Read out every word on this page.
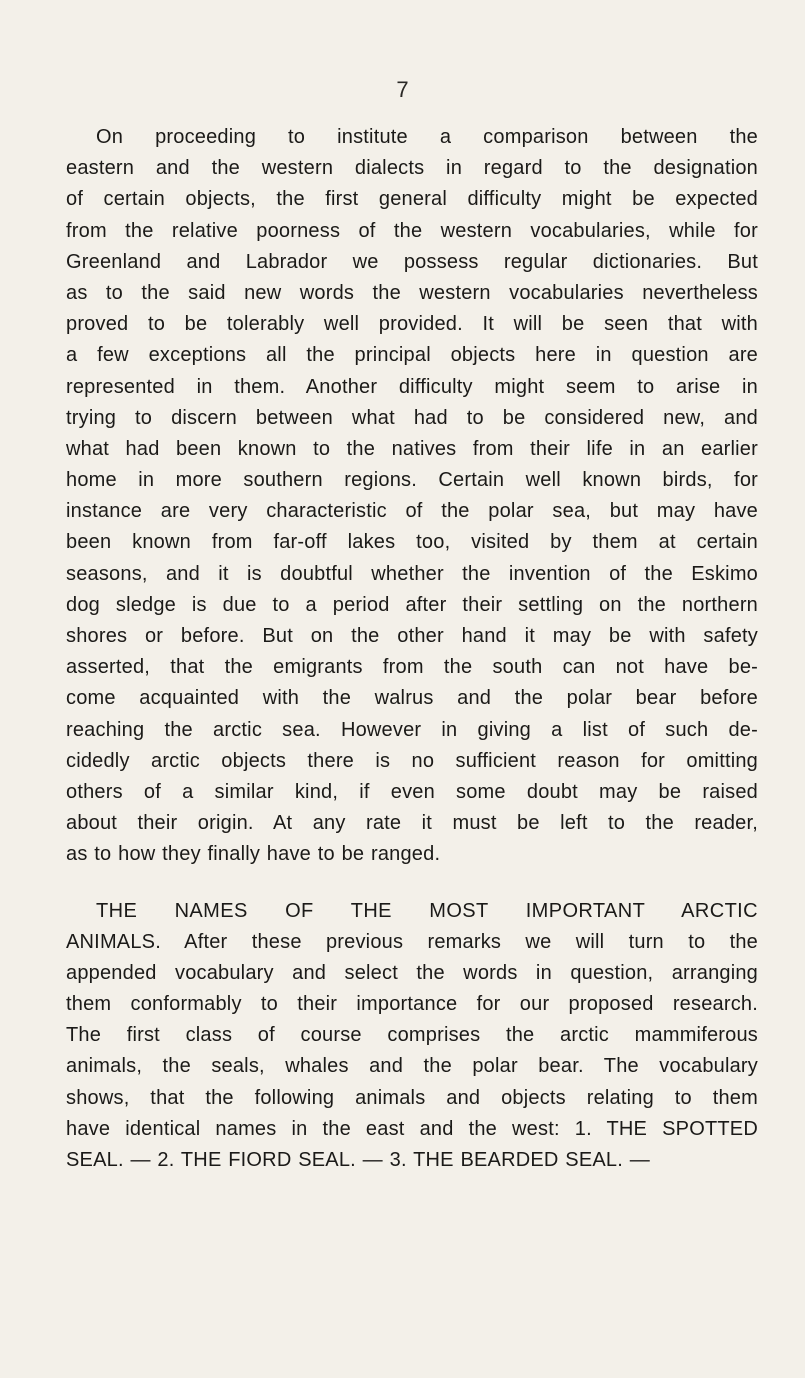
7
On proceeding to institute a comparison between the
eastern and the western dialects in regard to the designation
of certain objects, the first general difficulty might be expected
from the relative poorness of the western vocabularies, while for
Greenland and Labrador we possess regular dictionaries. But
as to the said new words the western vocabularies nevertheless
proved to be tolerably well provided. It will be seen that with
a few exceptions all the principal objects here in question are
represented in them. Another difficulty might seem to arise in
trying to discern between what had to be considered new, and
what had been known to the natives from their life in an earlier
home in more southern regions. Certain well known birds, for
instance are very characteristic of the polar sea, but may have
been known from far-off lakes too, visited by them at certain
seasons, and it is doubtful whether the invention of the Eskimo
dog sledge is due to a period after their settling on the northern
shores or before. But on the other hand it may be with safety
asserted, that the emigrants from the south can not have be-
come acquainted with the walrus and the polar bear before
reaching the arctic sea. However in giving a list of such de-
cidedly arctic objects there is no sufficient reason for omitting
others of a similar kind, if even some doubt may be raised
about their origin. At any rate it must be left to the reader,
as to how they finally have to be ranged.
THE NAMES OF THE MOST IMPORTANT ARCTIC
ANIMALS. After these previous remarks we will turn to the
appended vocabulary and select the words in question, arranging
them conformably to their importance for our proposed research.
The first class of course comprises the arctic mammiferous
animals, the seals, whales and the polar bear. The vocabulary
shows, that the following animals and objects relating to them
have identical names in the east and the west: 1. THE SPOTTED
SEAL. — 2. THE FIORD SEAL. — 3. THE BEARDED SEAL. —
